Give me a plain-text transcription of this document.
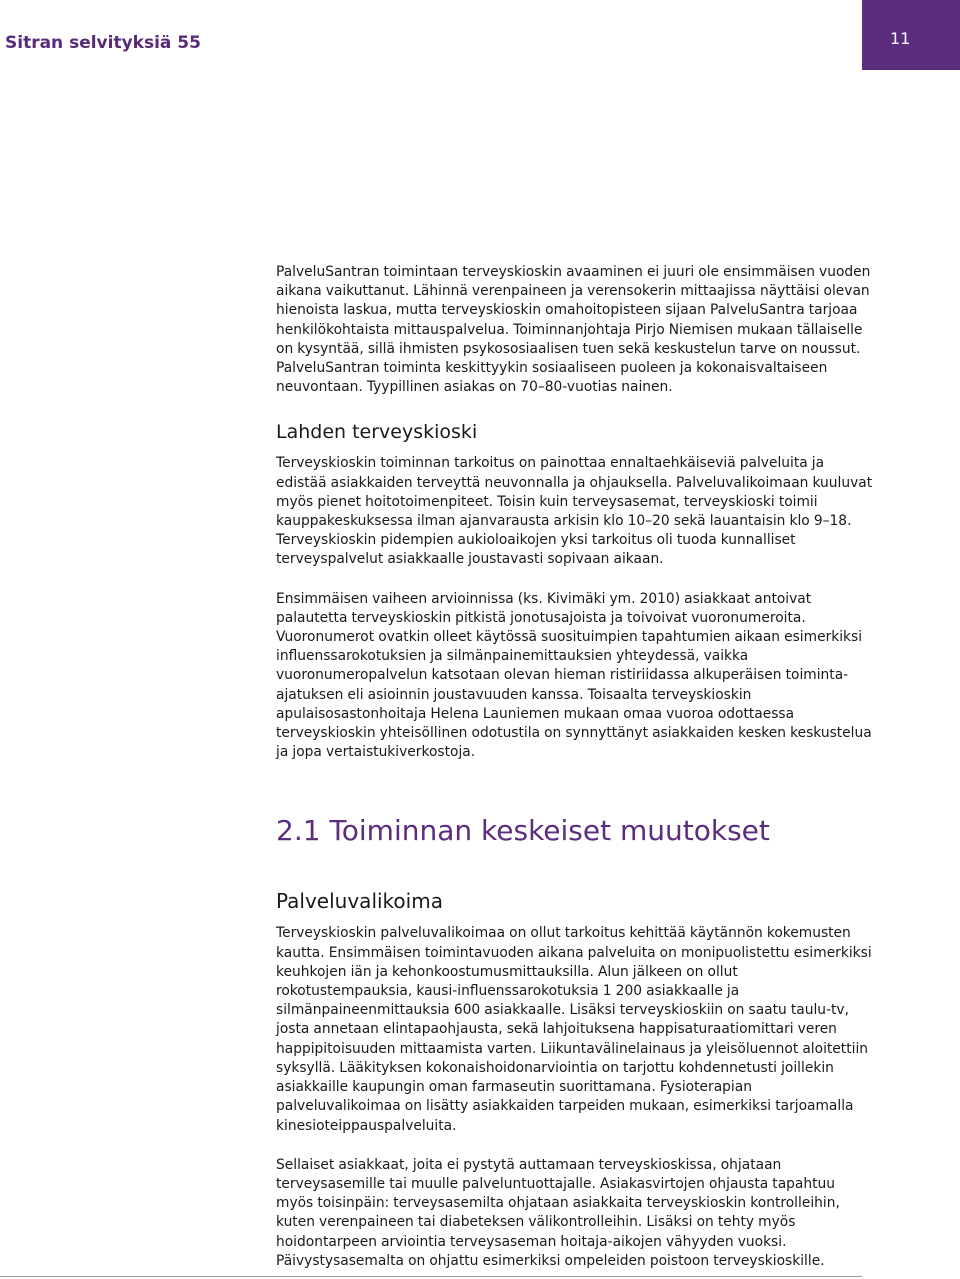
Sitran selvityksiä 55	11

PalveluSantran toimintaan terveyskioskin avaaminen ei juuri ole ensimmäisen vuoden aikana vaikuttanut. Lähinnä verenpaineen ja verensokerin mittaajissa näyttäisi olevan hienoista laskua, mutta terveyskioskin omahoitopisteen sijaan PalveluSantra tarjoaa henkilökohtaista mittauspalvelua. Toiminnanjohtaja Pirjo Niemisen mukaan tällaiselle on kysyntää, sillä ihmisten psykososiaalisen tuen sekä keskustelun tarve on noussut. PalveluSantran toiminta keskittyykin sosiaaliseen puoleen ja kokonaisvaltaiseen neuvontaan. Tyypillinen asiakas on 70–80-vuotias nainen.

Lahden terveyskioski

Terveyskioskin toiminnan tarkoitus on painottaa ennaltaehkäiseviä palveluita ja edistää asiakkaiden terveyttä neuvonnalla ja ohjauksella. Palveluvalikoimaan kuuluvat myös pienet hoitotoimenpiteet. Toisin kuin terveysasemat, terveyskioski toimii kauppakeskuksessa ilman ajanvarausta arkisin klo 10–20 sekä lauantaisin klo 9–18. Terveyskioskin pidempien aukioloaikojen yksi tarkoitus oli tuoda kunnalliset terveyspalvelut asiakkaalle joustavasti sopivaan aikaan.

Ensimmäisen vaiheen arvioinnissa (ks. Kivimäki ym. 2010) asiakkaat antoivat palautetta terveyskioskin pitkistä jonotusajoista ja toivoivat vuoronumeroita. Vuoronumerot ovatkin olleet käytössä suosituimpien tapahtumien aikaan esimerkiksi influenssarokotuksien ja silmänpainemittauksien yhteydessä, vaikka vuoronumeropalvelun katsotaan olevan hieman ristiriidassa alkuperäisen toiminta-ajatuksen eli asioinnin joustavuuden kanssa. Toisaalta terveyskioskin apulaisosastonhoitaja Helena Launiemen mukaan omaa vuoroa odottaessa terveyskioskin yhteisöllinen odotustila on synnyttänyt asiakkaiden kesken keskustelua ja jopa vertaistukiverkostoja.

2.1 Toiminnan keskeiset muutokset
Palveluvalikoima

Terveyskioskin palveluvalikoimaa on ollut tarkoitus kehittää käytännön kokemusten kautta. Ensimmäisen toimintavuoden aikana palveluita on monipuolistettu esimerkiksi keuhkojen iän ja kehonkoostumusmittauksilla. Alun jälkeen on ollut rokotustempauksia, kausi-influenssarokotuksia 1 200 asiakkaalle ja silmänpaineenmittauksia 600 asiakkaalle. Lisäksi terveyskioskiin on saatu taulu-tv, josta annetaan elintapaohjausta, sekä lahjoituksena happisaturaatiomittari veren happipitoisuuden mittaamista varten. Liikuntavälinelainaus ja yleisöluennot aloitettiin syksyllä. Lääkityksen kokonaishoidonarviointia on tarjottu kohdennetusti joillekin asiakkaille kaupungin oman farmaseutin suorittamana. Fysioterapian palveluvalikoimaa on lisätty asiakkaiden tarpeiden mukaan, esimerkiksi tarjoamalla kinesioteippauspalveluita.

Sellaiset asiakkaat, joita ei pystytä auttamaan terveyskioskissa, ohjataan terveysasemille tai muulle palveluntuottajalle. Asiakasvirtojen ohjausta tapahtuu myös toisinpäin: terveysasemilta ohjataan asiakkaita terveyskioskin kontrolleihin, kuten verenpaineen tai diabeteksen välikontrolleihin. Lisäksi on tehty myös hoidontarpeen arviointia terveysaseman hoitaja-aikojen vähyyden vuoksi. Päivystysasemalta on ohjattu esimerkiksi ompeleiden poistoon terveyskioskille.
